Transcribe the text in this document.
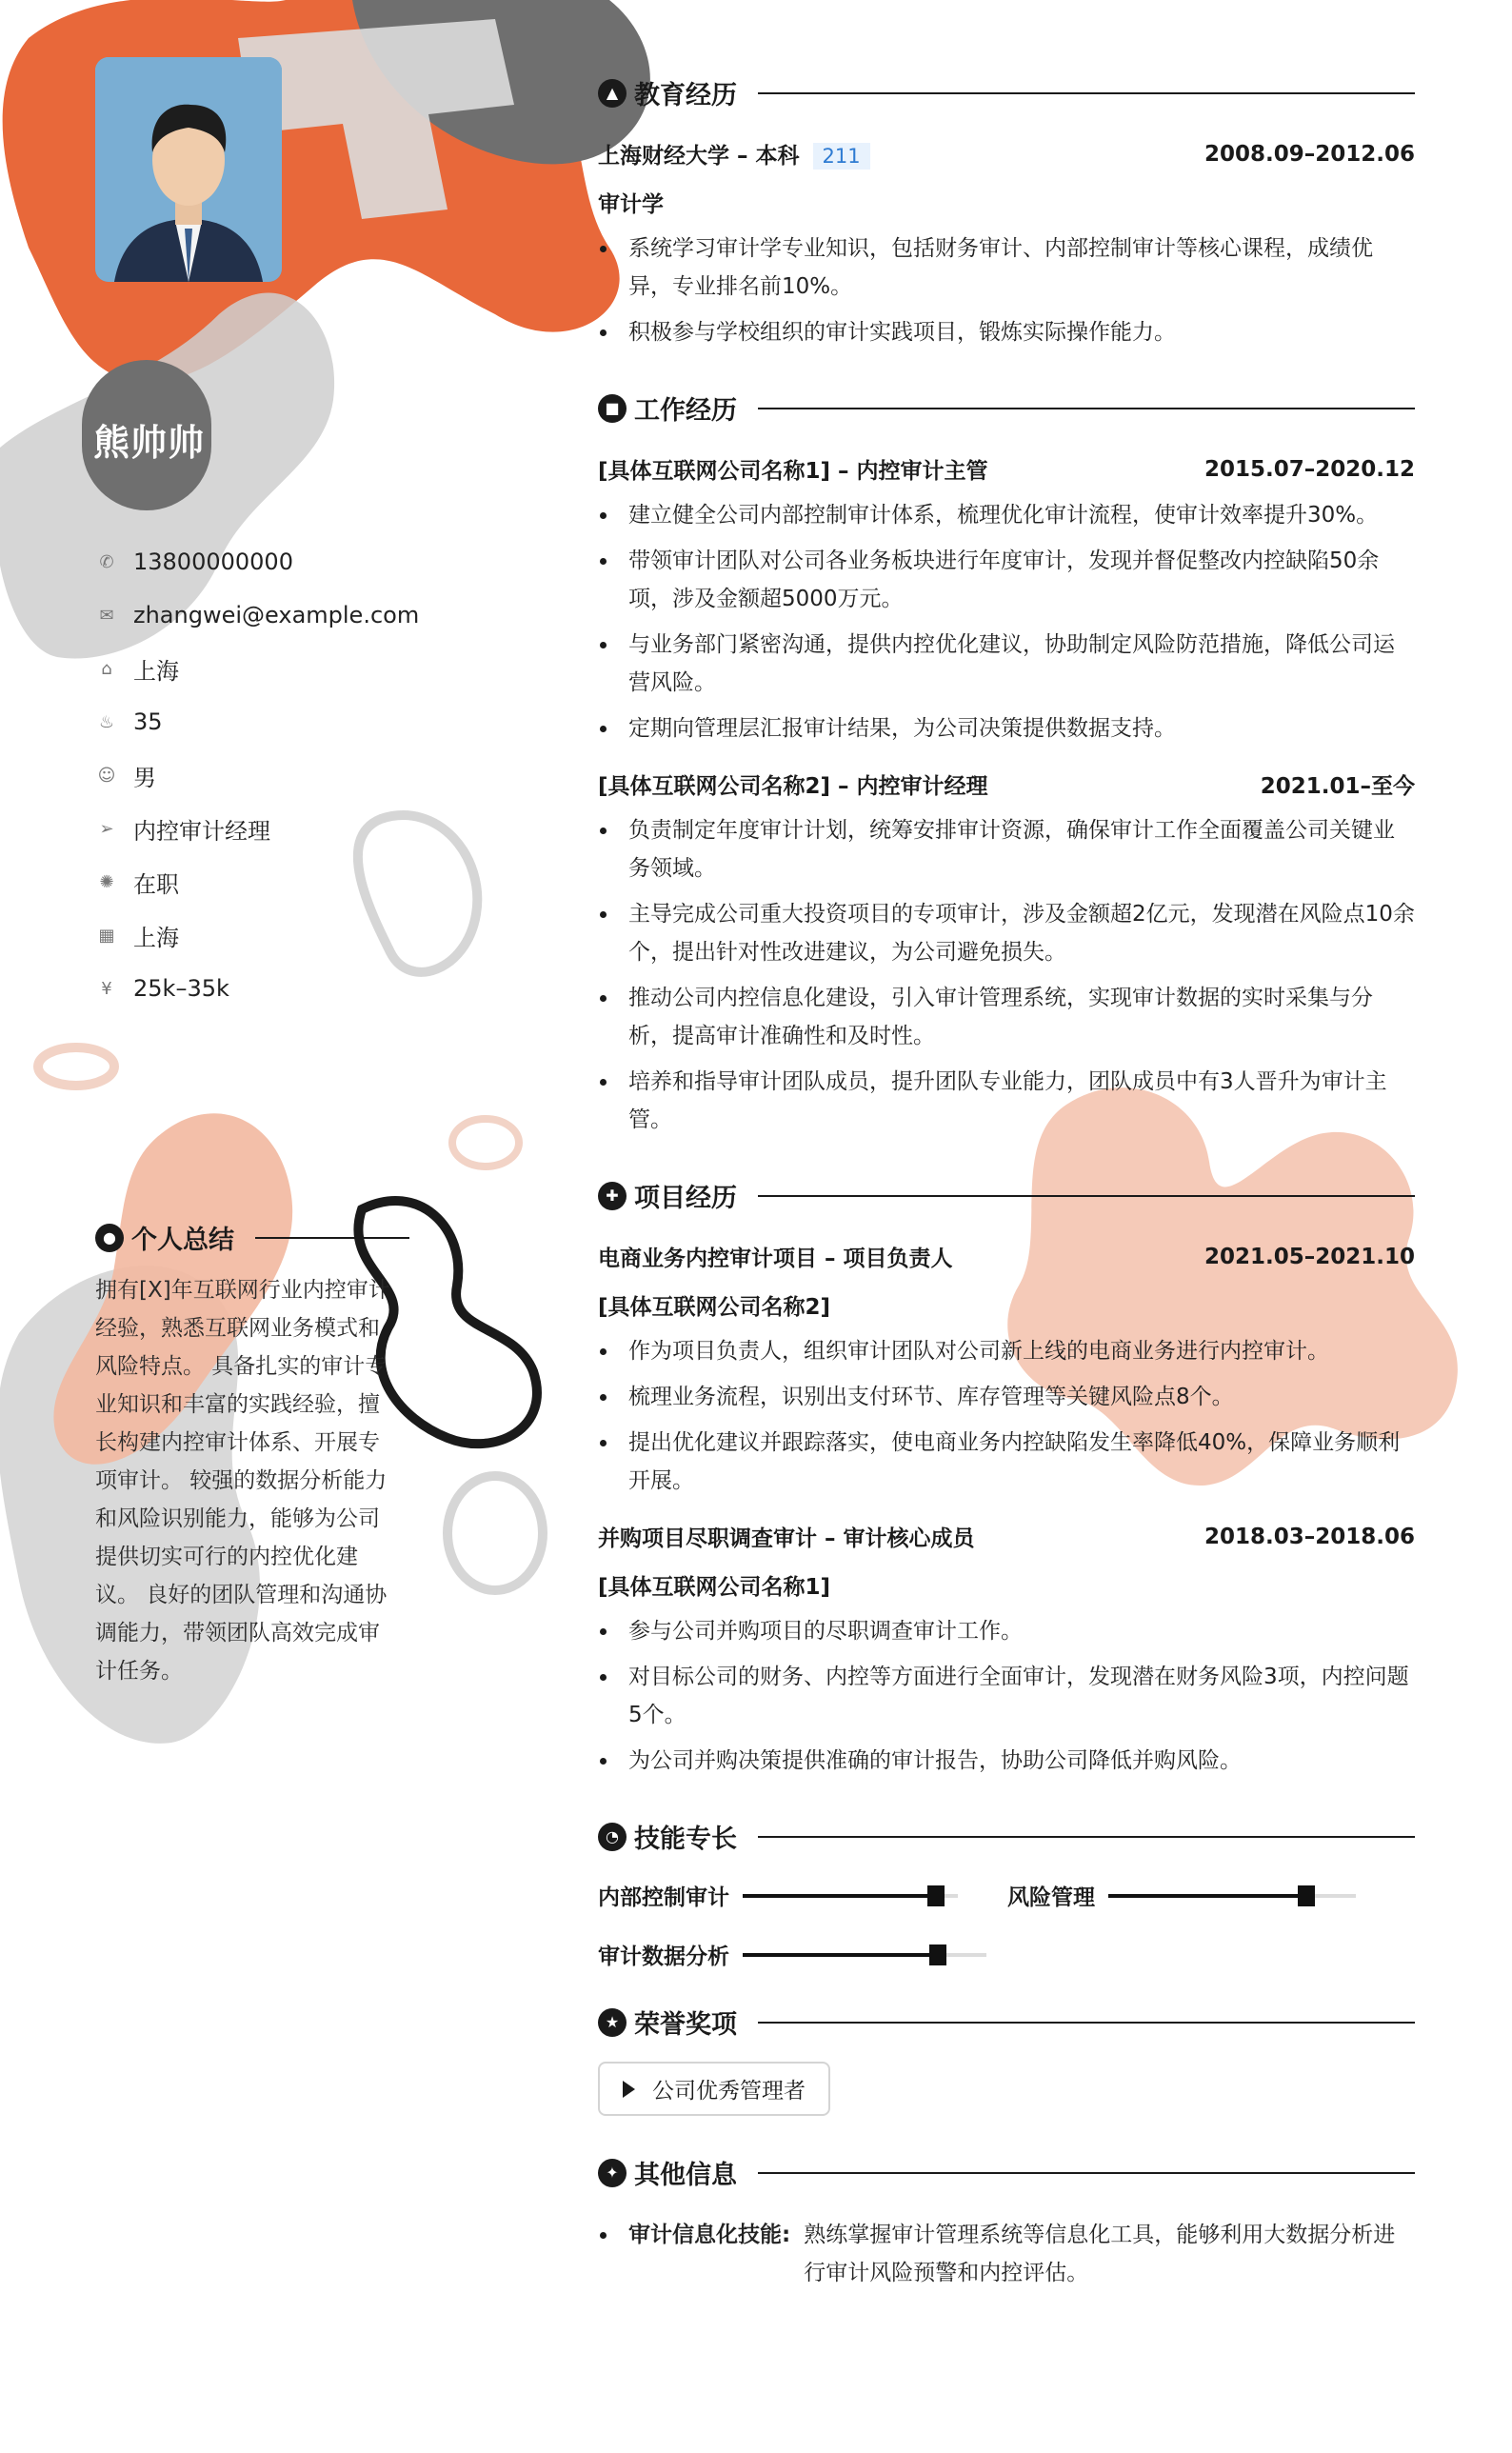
熊帅帅
✆ 13800000000
✉ zhangwei@example.com
⌂ 上海
♨ 35
☺ 男
➢ 内控审计经理
✺ 在职
▦ 上海
¥ 25k–35k
● 个人总结
拥有[X]年互联网行业内控审计经验，熟悉互联网业务模式和风险特点。 具备扎实的审计专业知识和丰富的实践经验，擅长构建内控审计体系、开展专项审计。 较强的数据分析能力和风险识别能力，能够为公司提供切实可行的内控优化建议。 良好的团队管理和沟通协调能力，带领团队高效完成审计任务。
▲ 教育经历
上海财经大学 – 本科 211	2008.09–2012.06
审计学
系统学习审计学专业知识，包括财务审计、内部控制审计等核心课程，成绩优异，专业排名前10%。
积极参与学校组织的审计实践项目，锻炼实际操作能力。
■ 工作经历
[具体互联网公司名称1] – 内控审计主管	2015.07–2020.12
建立健全公司内部控制审计体系，梳理优化审计流程，使审计效率提升30%。
带领审计团队对公司各业务板块进行年度审计，发现并督促整改内控缺陷50余项，涉及金额超5000万元。
与业务部门紧密沟通，提供内控优化建议，协助制定风险防范措施，降低公司运营风险。
定期向管理层汇报审计结果，为公司决策提供数据支持。
[具体互联网公司名称2] – 内控审计经理	2021.01–至今
负责制定年度审计计划，统筹安排审计资源，确保审计工作全面覆盖公司关键业务领域。
主导完成公司重大投资项目的专项审计，涉及金额超2亿元，发现潜在风险点10余个，提出针对性改进建议，为公司避免损失。
推动公司内控信息化建设，引入审计管理系统，实现审计数据的实时采集与分析，提高审计准确性和及时性。
培养和指导审计团队成员，提升团队专业能力，团队成员中有3人晋升为审计主管。
✚ 项目经历
电商业务内控审计项目 – 项目负责人	2021.05–2021.10
[具体互联网公司名称2]
作为项目负责人，组织审计团队对公司新上线的电商业务进行内控审计。
梳理业务流程，识别出支付环节、库存管理等关键风险点8个。
提出优化建议并跟踪落实，使电商业务内控缺陷发生率降低40%，保障业务顺利开展。
并购项目尽职调查审计 – 审计核心成员	2018.03–2018.06
[具体互联网公司名称1]
参与公司并购项目的尽职调查审计工作。
对目标公司的财务、内控等方面进行全面审计，发现潜在财务风险3项，内控问题5个。
为公司并购决策提供准确的审计报告，协助公司降低并购风险。
◔ 技能专长
内部控制审计	风险管理
审计数据分析
★ 荣誉奖项
公司优秀管理者
✦ 其他信息
审计信息化技能: 熟练掌握审计管理系统等信息化工具，能够利用大数据分析进行审计风险预警和内控评估。
